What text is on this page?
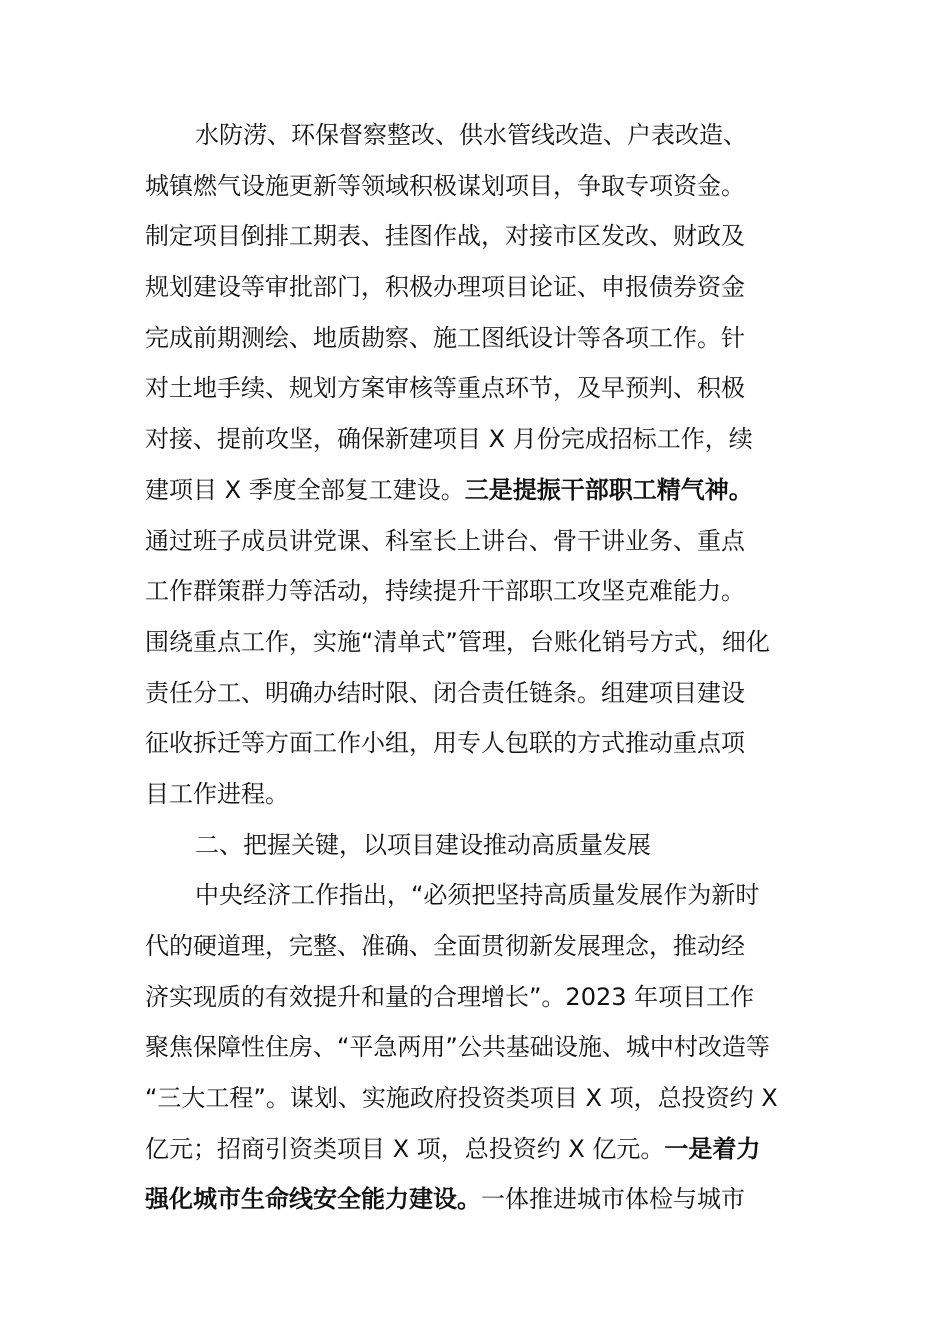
水防涝、环保督察整改、供水管线改造、户表改造、
城镇燃气设施更新等领域积极谋划项目，争取专项资金。
制定项目倒排工期表、挂图作战，对接市区发改、财政及
规划建设等审批部门，积极办理项目论证、申报债券资金
完成前期测绘、地质勘察、施工图纸设计等各项工作。针
对土地手续、规划方案审核等重点环节，及早预判、积极
对接、提前攻坚，确保新建项目 X 月份完成招标工作，续
建项目 X 季度全部复工建设。三是提振干部职工精气神。
通过班子成员讲党课、科室长上讲台、骨干讲业务、重点
工作群策群力等活动，持续提升干部职工攻坚克难能力。
围绕重点工作，实施“清单式”管理，台账化销号方式，细化
责任分工、明确办结时限、闭合责任链条。组建项目建设
征收拆迁等方面工作小组，用专人包联的方式推动重点项
目工作进程。
二、把握关键，以项目建设推动高质量发展
中央经济工作指出，“必须把坚持高质量发展作为新时
代的硬道理，完整、准确、全面贯彻新发展理念，推动经
济实现质的有效提升和量的合理增长”。2023 年项目工作
聚焦保障性住房、“平急两用”公共基础设施、城中村改造等
“三大工程”。谋划、实施政府投资类项目 X 项，总投资约 X
亿元；招商引资类项目 X 项，总投资约 X 亿元。一是着力
强化城市生命线安全能力建设。一体推进城市体检与城市
